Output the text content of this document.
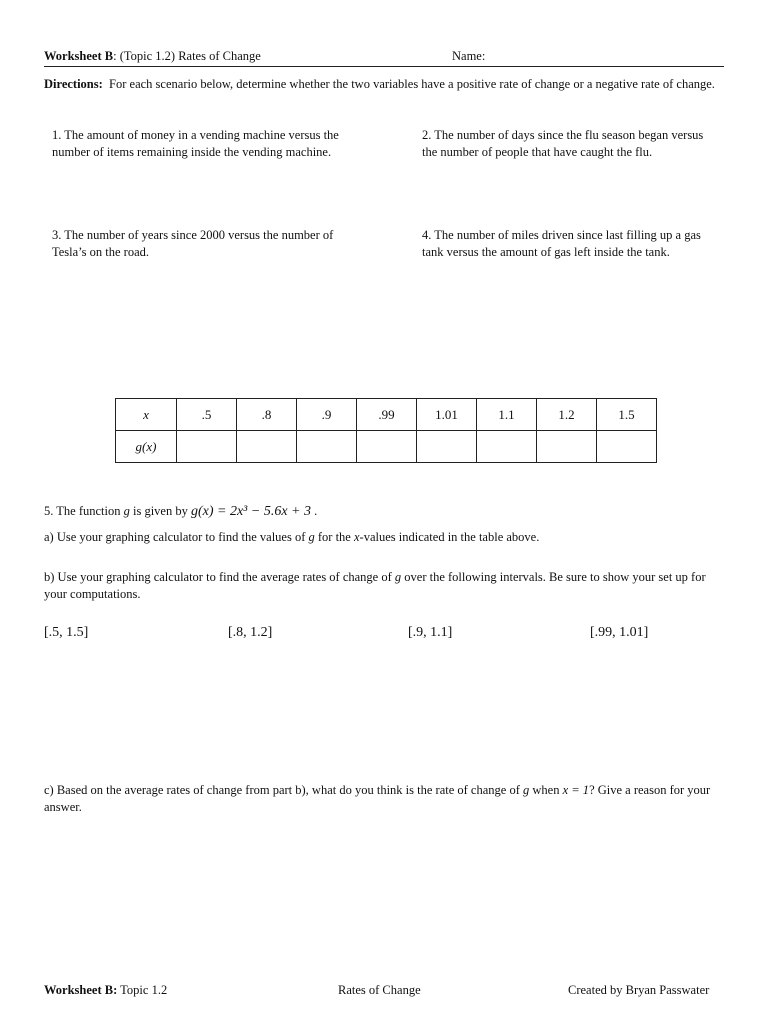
Worksheet B: (Topic 1.2) Rates of Change	Name:
Directions: For each scenario below, determine whether the two variables have a positive rate of change or a negative rate of change.
1. The amount of money in a vending machine versus the number of items remaining inside the vending machine.
2. The number of days since the flu season began versus the number of people that have caught the flu.
3. The number of years since 2000 versus the number of Tesla’s on the road.
4. The number of miles driven since last filling up a gas tank versus the amount of gas left inside the tank.
x	.5	.8	.9	.99	1.01	1.1	1.2	1.5
g(x)								
5. The function g is given by g(x) = 2x³ − 5.6x + 3 .
a) Use your graphing calculator to find the values of g for the x-values indicated in the table above.
b) Use your graphing calculator to find the average rates of change of g over the following intervals. Be sure to show your set up for your computations.
[.5, 1.5]	[.8, 1.2]	[.9, 1.1]	[.99, 1.01]
c) Based on the average rates of change from part b), what do you think is the rate of change of g when x = 1? Give a reason for your answer.
Worksheet B: Topic 1.2	Rates of Change	Created by Bryan Passwater
